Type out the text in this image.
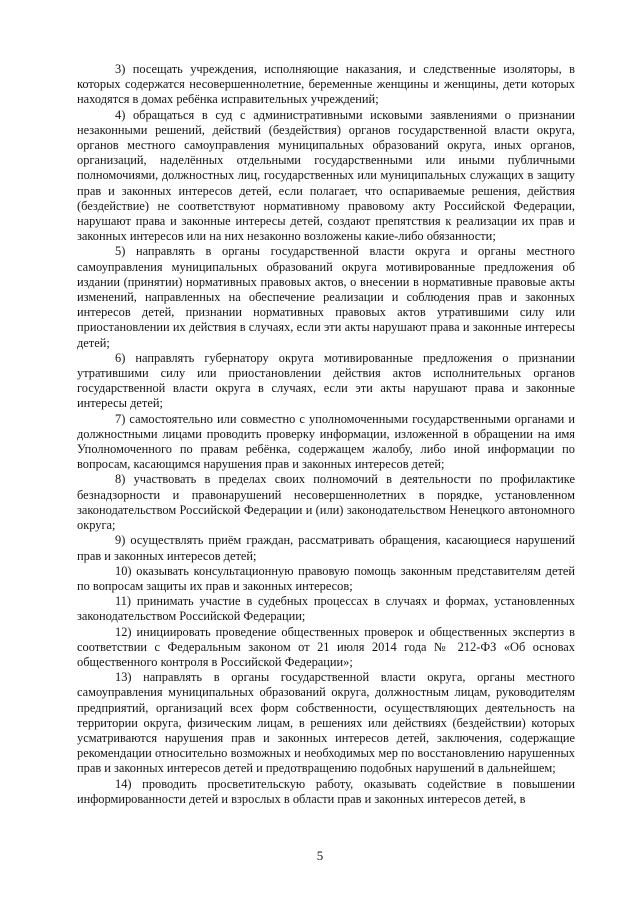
3) посещать учреждения, исполняющие наказания, и следственные изоляторы, в которых содержатся несовершеннолетние, беременные женщины и женщины, дети которых находятся в домах ребёнка исправительных учреждений;

4) обращаться в суд с административными исковыми заявлениями о признании незаконными решений, действий (бездействия) органов государственной власти округа, органов местного самоуправления муниципальных образований округа, иных органов, организаций, наделённых отдельными государственными или иными публичными полномочиями, должностных лиц, государственных или муниципальных служащих в защиту прав и законных интересов детей, если полагает, что оспариваемые решения, действия (бездействие) не соответствуют нормативному правовому акту Российской Федерации, нарушают права и законные интересы детей, создают препятствия к реализации их прав и законных интересов или на них незаконно возложены какие-либо обязанности;

5) направлять в органы государственной власти округа и органы местного самоуправления муниципальных образований округа мотивированные предложения об издании (принятии) нормативных правовых актов, о внесении в нормативные правовые акты изменений, направленных на обеспечение реализации и соблюдения прав и законных интересов детей, признании нормативных правовых актов утратившими силу или приостановлении их действия в случаях, если эти акты нарушают права и законные интересы детей;

6) направлять губернатору округа мотивированные предложения о признании утратившими силу или приостановлении действия актов исполнительных органов государственной власти округа в случаях, если эти акты нарушают права и законные интересы детей;

7) самостоятельно или совместно с уполномоченными государственными органами и должностными лицами проводить проверку информации, изложенной в обращении на имя Уполномоченного по правам ребёнка, содержащем жалобу, либо иной информации по вопросам, касающимся нарушения прав и законных интересов детей;

8) участвовать в пределах своих полномочий в деятельности по профилактике безнадзорности и правонарушений несовершеннолетних в порядке, установленном законодательством Российской Федерации и (или) законодательством Ненецкого автономного округа;

9) осуществлять приём граждан, рассматривать обращения, касающиеся нарушений прав и законных интересов детей;

10) оказывать консультационную правовую помощь законным представителям детей по вопросам защиты их прав и законных интересов;

11) принимать участие в судебных процессах в случаях и формах, установленных законодательством Российской Федерации;

12) инициировать проведение общественных проверок и общественных экспертиз в соответствии с Федеральным законом от 21 июля 2014 года № 212-ФЗ «Об основах общественного контроля в Российской Федерации»;

13) направлять в органы государственной власти округа, органы местного самоуправления муниципальных образований округа, должностным лицам, руководителям предприятий, организаций всех форм собственности, осуществляющих деятельность на территории округа, физическим лицам, в решениях или действиях (бездействии) которых усматриваются нарушения прав и законных интересов детей, заключения, содержащие рекомендации относительно возможных и необходимых мер по восстановлению нарушенных прав и законных интересов детей и предотвращению подобных нарушений в дальнейшем;

14) проводить просветительскую работу, оказывать содействие в повышении информированности детей и взрослых в области прав и законных интересов детей, в

5
